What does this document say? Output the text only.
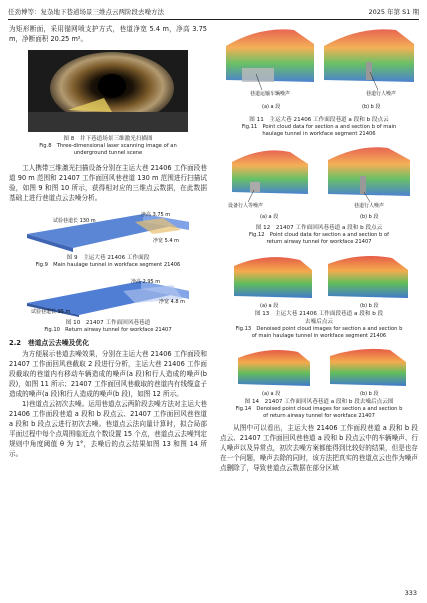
任劲博等：复杂地下巷道场景三维点云两阶段去噪方法	2025 年第 S1 期

为矩形断面，采用锚网喷支护方式，巷道净宽 5.4 m，净高 3.75 m，净断面积 20.25 m²。

图 8　井下巷道场景三维激光扫描图
Fig.8　Three-dimensional laser scanning image of an
underground tunnel scene

工人携带三维激光扫描设备分别在主运大巷 21406 工作面段巷道 90 m 范围和 21407 工作面回风巷巷道 130 m 范围进行扫描试验，如图 9 和图 10 所示，获得相对应的三维点云数据，在此数据基础上进行巷道点云去噪分析。

试验巷道长 130 m
净高 3.75 m
净宽 5.4 m
图 9　主运大巷 21406 工作面段
Fig.9　Main haulage tunnel in workface segment 21406
净高 2.95 m
净宽 4.8 m
试验巷道长 95 m
图 10　21407 工作面回风巷巷道
Fig.10　Return airway tunnel for workface 21407
2.2　巷道点云去噪及优化

为方便展示巷道去噪效果，分别在主运大巷 21406 工作面段和 21407 工作面回风巷截取 2 段进行分析，主运大巷 21406 工作面段截取的巷道内有移动车辆造成的噪声(a 段)和行人造成的噪声(b 段)，如图 11 所示；21407 工作面回风巷截取的巷道内有线缆盒子造成的噪声(a 段)和行人造成的噪声(b 段)，如图 12 所示。

1)巷道点云初次去噪。运用巷道点云两阶段去噪方法对主运大巷 21406 工作面段巷道 a 段和 b 段点云、21407 工作面回风巷巷道 a 段和 b 段点云进行初次去噪。巷道点云法向量计算时，拟合局部平面过程中每个点周围临近点个数设置 15 个点，巷道点云去噪判定规则中角度阈值 θ 为 1°，去噪后的点云结果如图 13 和图 14 所示。

巷道运输车辆噪声	巷道行人噪声
(a) a 段	(b) b 段
图 11　主运大巷 21406 工作面段巷道 a 段和 b 段点云
Fig.11　Point cloud data for section a and section b of main
haulage tunnel in workface segment 21406
设备行人等噪声	巷道行人噪声
(a) a 段	(b) b 段
图 12　21407 工作面回风巷巷道 a 段和 b 段点云
Fig.12　Point cloud data for section a and section b of
return airway tunnel for workface 21407
(a) a 段	(b) b 段
图 13　主运大巷 21406 工作面段巷道 a 段和 b 段
去噪后点云
Fig.13　Denoised point cloud images for section a and section b
of main haulage tunnel in workface segment 21406
(a) a 段	(b) b 段
图 14　21407 工作面回风巷巷道 a 段和 b 段去噪后点云图
Fig.14　Denoised point cloud images for section a and section b
of return airway tunnel for workface 21407

从图中可以看出，主运大巷 21406 工作面段巷道 a 段和 b 段点云、21407 工作面回风巷巷道 a 段和 b 段点云中的车辆噪声、行人噪声以及异常点，初次去噪方案都能得到比较好的结果，但是也存在一个问题，噪声去除的同时，该方法把真实的巷道点云也作为噪声点删除了，导致巷道点云数据在部分区域

333
